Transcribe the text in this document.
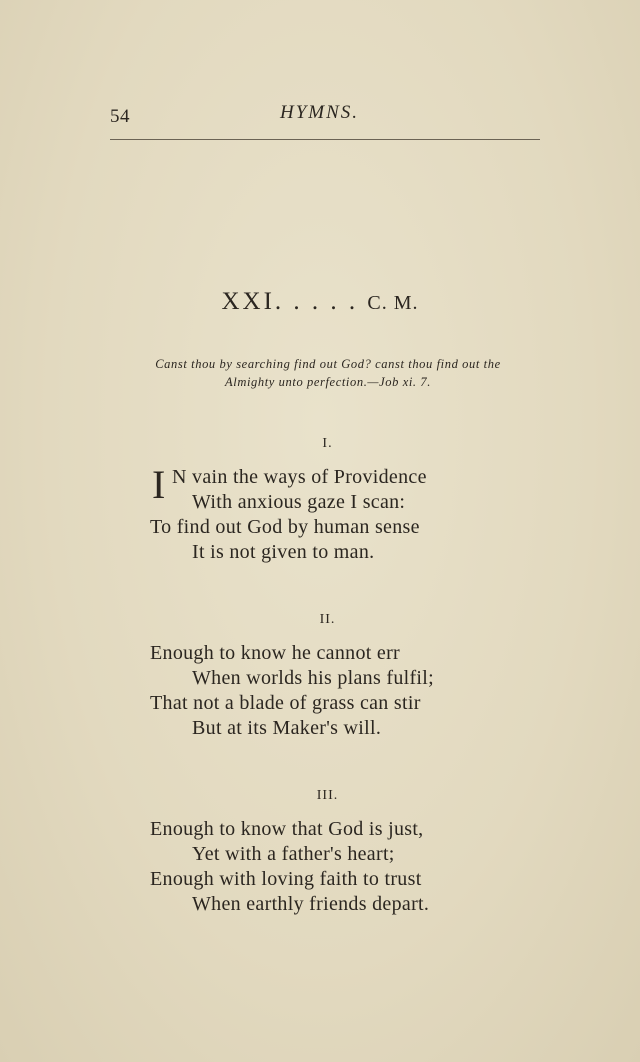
54	HYMNS.
XXI. . . . . C. M.
Canst thou by searching find out God? canst thou find out the
Almighty unto perfection.—Job xi. 7.
I.
I N vain the ways of Providence
With anxious gaze I scan:
To find out God by human sense
It is not given to man.
II.
Enough to know he cannot err
When worlds his plans fulfil;
That not a blade of grass can stir
But at its Maker's will.
III.
Enough to know that God is just,
Yet with a father's heart;
Enough with loving faith to trust
When earthly friends depart.
